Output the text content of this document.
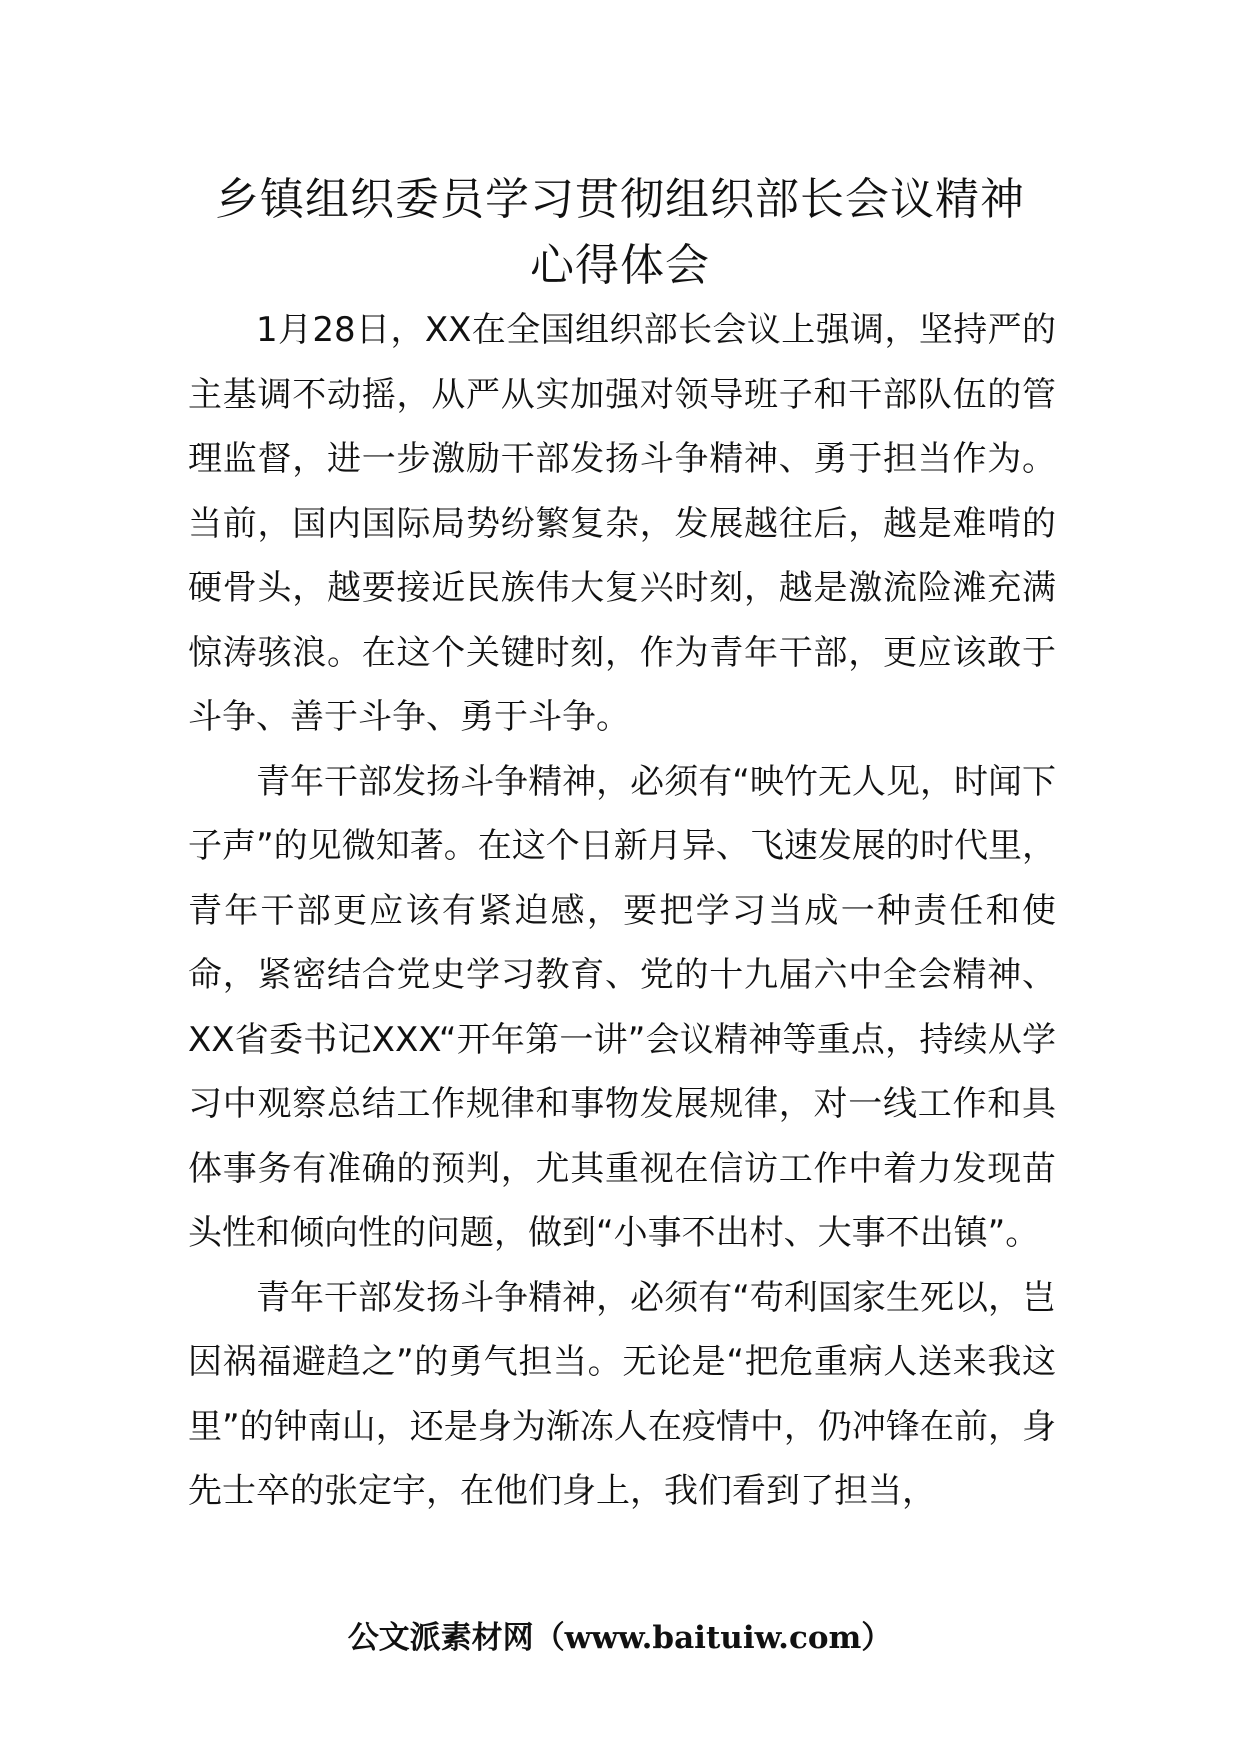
乡镇组织委员学习贯彻组织部长会议精神
心得体会

1月28日，XX在全国组织部长会议上强调，坚持严的主基调不动摇，从严从实加强对领导班子和干部队伍的管理监督，进一步激励干部发扬斗争精神、勇于担当作为。当前，国内国际局势纷繁复杂，发展越往后，越是难啃的硬骨头，越要接近民族伟大复兴时刻，越是激流险滩充满惊涛骇浪。在这个关键时刻，作为青年干部，更应该敢于斗争、善于斗争、勇于斗争。

青年干部发扬斗争精神，必须有“映竹无人见，时闻下子声”的见微知著。在这个日新月异、飞速发展的时代里，青年干部更应该有紧迫感，要把学习当成一种责任和使命，紧密结合党史学习教育、党的十九届六中全会精神、XX省委书记XXX“开年第一讲”会议精神等重点，持续从学习中观察总结工作规律和事物发展规律，对一线工作和具体事务有准确的预判，尤其重视在信访工作中着力发现苗头性和倾向性的问题，做到“小事不出村、大事不出镇”。

青年干部发扬斗争精神，必须有“苟利国家生死以，岂因祸福避趋之”的勇气担当。无论是“把危重病人送来我这里”的钟南山，还是身为渐冻人在疫情中，仍冲锋在前，身先士卒的张定宇，在他们身上，我们看到了担当，

公文派素材网（www.baituiw.com）
